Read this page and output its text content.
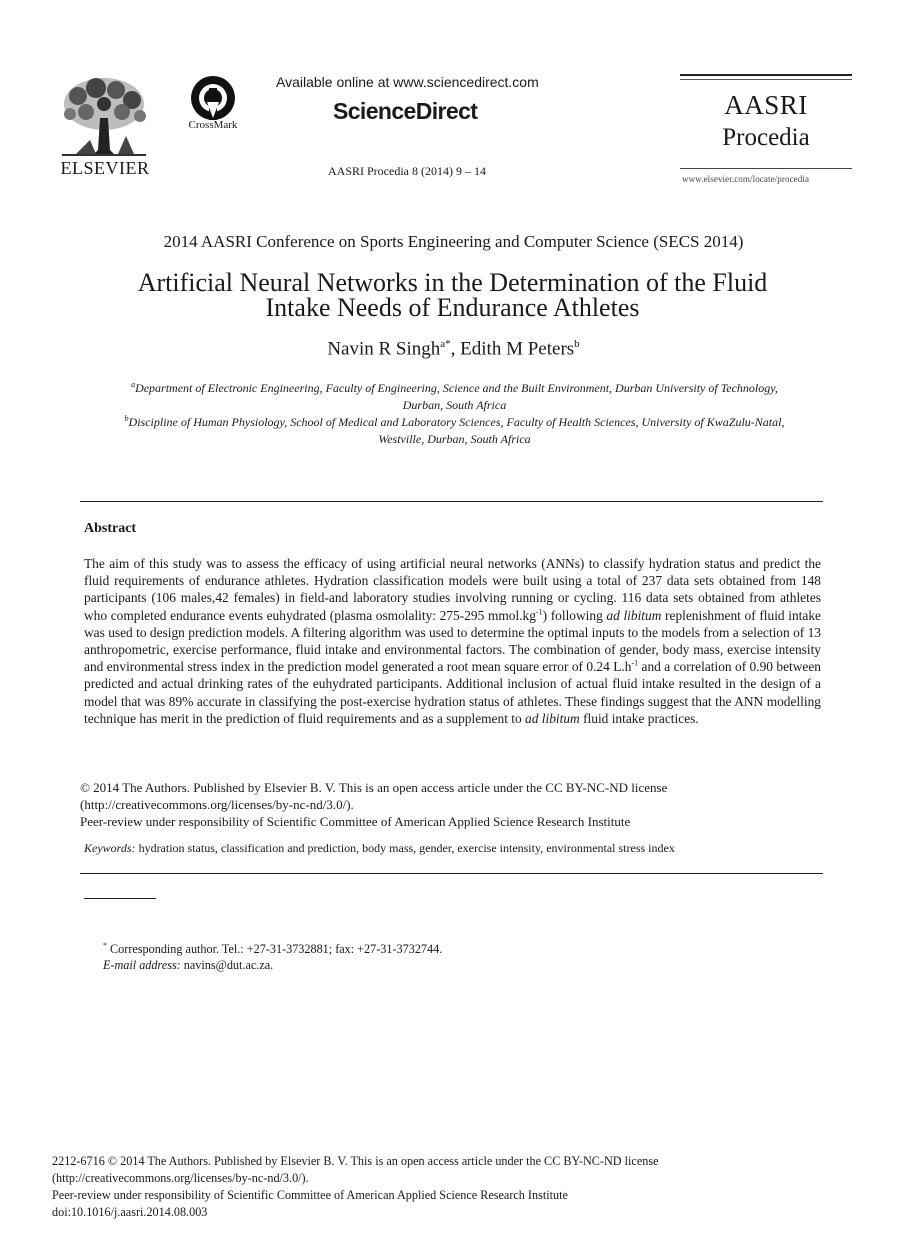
ELSEVIER
CrossMark
Available online at www.sciencedirect.com
ScienceDirect
AASRI Procedia 8 (2014) 9 – 14
AASRI
Procedia
www.elsevier.com/locate/procedia
2014 AASRI Conference on Sports Engineering and Computer Science (SECS 2014)
Artificial Neural Networks in the Determination of the Fluid
Intake Needs of Endurance Athletes
Navin R Singh$^{a*}$, Edith M Peters$^b$
$^a$Department of Electronic Engineering, Faculty of Engineering, Science and the Built Environment, Durban University of Technology,
Durban, South Africa
$^b$Discipline of Human Physiology, School of Medical and Laboratory Sciences, Faculty of Health Sciences, University of KwaZulu-Natal,
Westville, Durban, South Africa
Abstract
The aim of this study was to assess the efficacy of using artificial neural networks (ANNs) to classify hydration status and predict the fluid requirements of endurance athletes. Hydration classification models were built using a total of 237 data sets obtained from 148 participants (106 males,42 females) in field-and laboratory studies involving running or cycling. 116 data sets obtained from athletes who completed endurance events euhydrated (plasma osmolality: 275-295 $mmol.kg^{-1}$) following ad libitum replenishment of fluid intake was used to design prediction models. A filtering algorithm was used to determine the optimal inputs to the models from a selection of 13 anthropometric, exercise performance, fluid intake and environmental factors. The combination of gender, body mass, exercise intensity and environmental stress index in the prediction model generated a root mean square error of 0.24 $L.h^{-1}$ and a correlation of 0.90 between predicted and actual drinking rates of the euhydrated participants. Additional inclusion of actual fluid intake resulted in the design of a model that was 89% accurate in classifying the post-exercise hydration status of athletes. These findings suggest that the ANN modelling technique has merit in the prediction of fluid requirements and as a supplement to ad libitum fluid intake practices.
© 2014 The Authors. Published by Elsevier B. V. This is an open access article under the CC BY-NC-ND license
(http://creativecommons.org/licenses/by-nc-nd/3.0/).
Peer-review under responsibility of Scientific Committee of American Applied Science Research Institute
Keywords: hydration status, classification and prediction, body mass, gender, exercise intensity, environmental stress index
* Corresponding author. Tel.: +27-31-3732881; fax: +27-31-3732744.
E-mail address: navins@dut.ac.za.
2212-6716 © 2014 The Authors. Published by Elsevier B. V. This is an open access article under the CC BY-NC-ND license
(http://creativecommons.org/licenses/by-nc-nd/3.0/).
Peer-review under responsibility of Scientific Committee of American Applied Science Research Institute
doi:10.1016/j.aasri.2014.08.003
